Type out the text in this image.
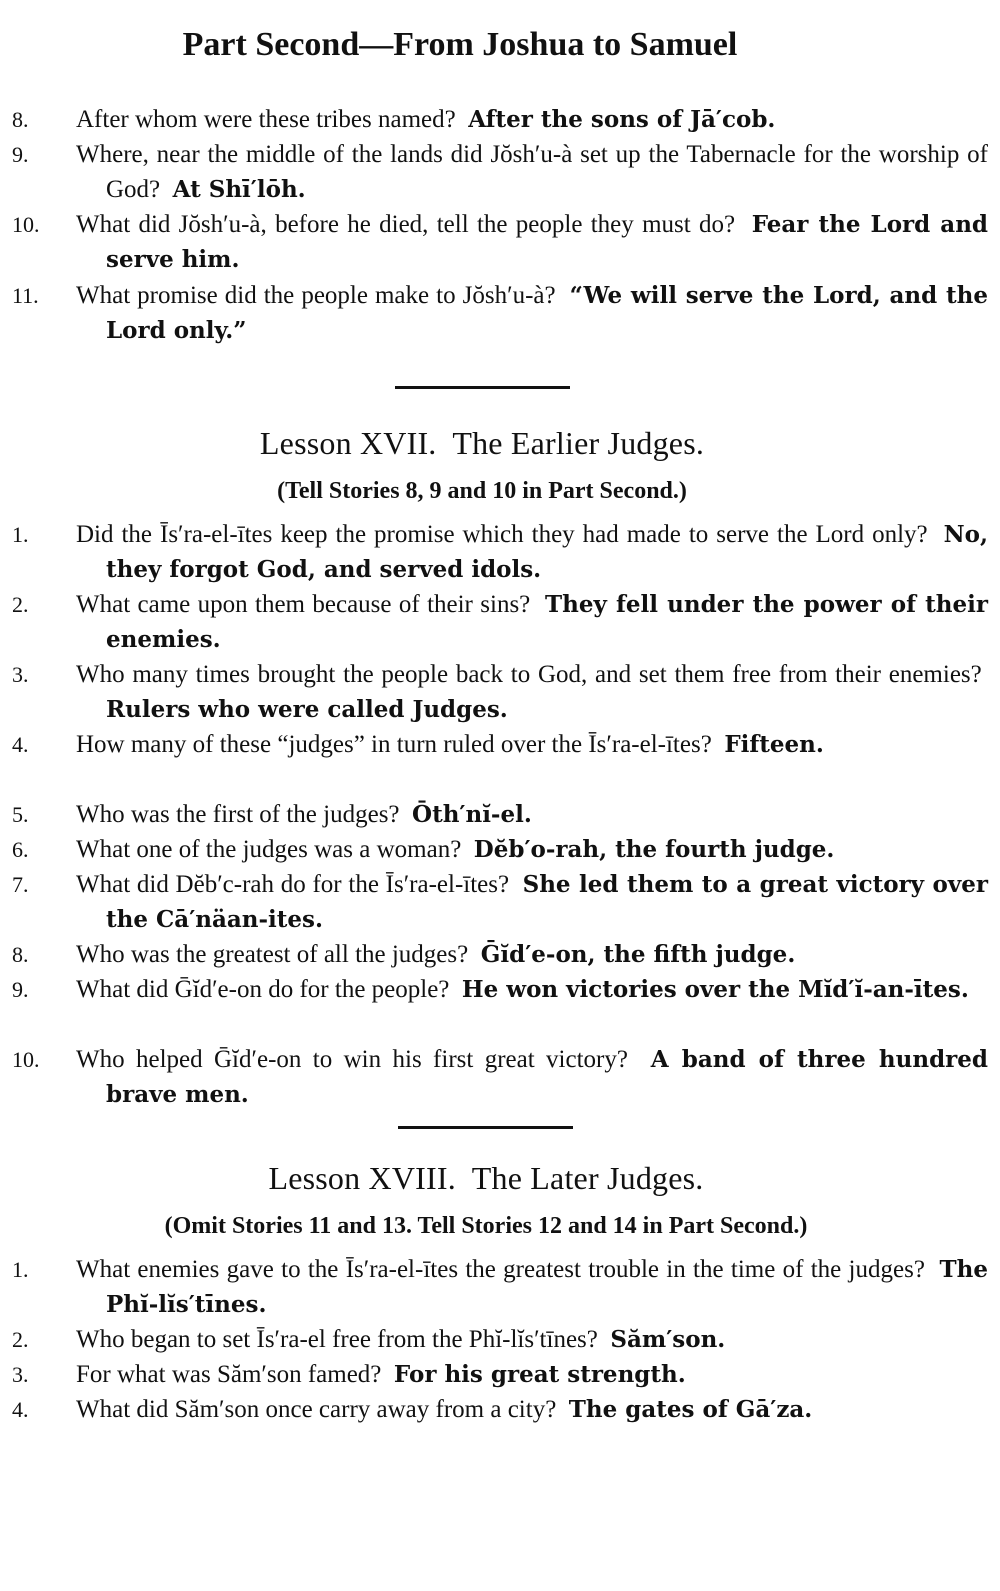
Part Second—From Joshua to Samuel
8.	After whom were these tribes named? After the sons of Jā′cob.
9.	Where, near the middle of the lands did Jŏsh′u-à set up the Tabernacle for the worship of God? At Shī′lōh.
10.	What did Jŏsh′u-à, before he died, tell the people they must do? Fear the Lord and serve him.
11.	What promise did the people make to Jŏsh′u-à? “We will serve the Lord, and the Lord only.”
Lesson XVII. The Earlier Judges.
(Tell Stories 8, 9 and 10 in Part Second.)
1.	Did the Īs′ra-el-ītes keep the promise which they had made to serve the Lord only? No, they forgot God, and served idols.
2.	What came upon them because of their sins? They fell under the power of their enemies.
3.	Who many times brought the people back to God, and set them free from their enemies?  Rulers who were called Judges.
4.	How many of these “judges” in turn ruled over the Īs′ra-el-ītes? Fifteen.
5.	Who was the first of the judges? Ōth′nĭ-el.
6.	What one of the judges was a woman? Dĕb′o-rah, the fourth judge.
7.	What did Dĕb′c-rah do for the Īs′ra-el-ītes? She led them to a great victory over the Cā′näan-ites.
8.	Who was the greatest of all the judges? Ḡĭd′e-on, the fifth judge.
9.	What did Ḡĭd′e-on do for the people? He won victories over the Mĭd′ĭ-an-ītes.
10.	Who helped Ḡĭd′e-on to win his first great victory? A band of three hundred brave men.
Lesson XVIII. The Later Judges.
(Omit Stories 11 and 13. Tell Stories 12 and 14 in Part Second.)
1.	What enemies gave to the Īs′ra-el-ītes the greatest trouble in the time of the judges? The Phĭ-lĭs′tīnes.
2.	Who began to set Īs′ra-el free from the Phĭ-lĭs′tīnes? Săm′son.
3.	For what was Săm′son famed? For his great strength.
4.	What did Săm′son once carry away from a city? The gates of Gā′za.
